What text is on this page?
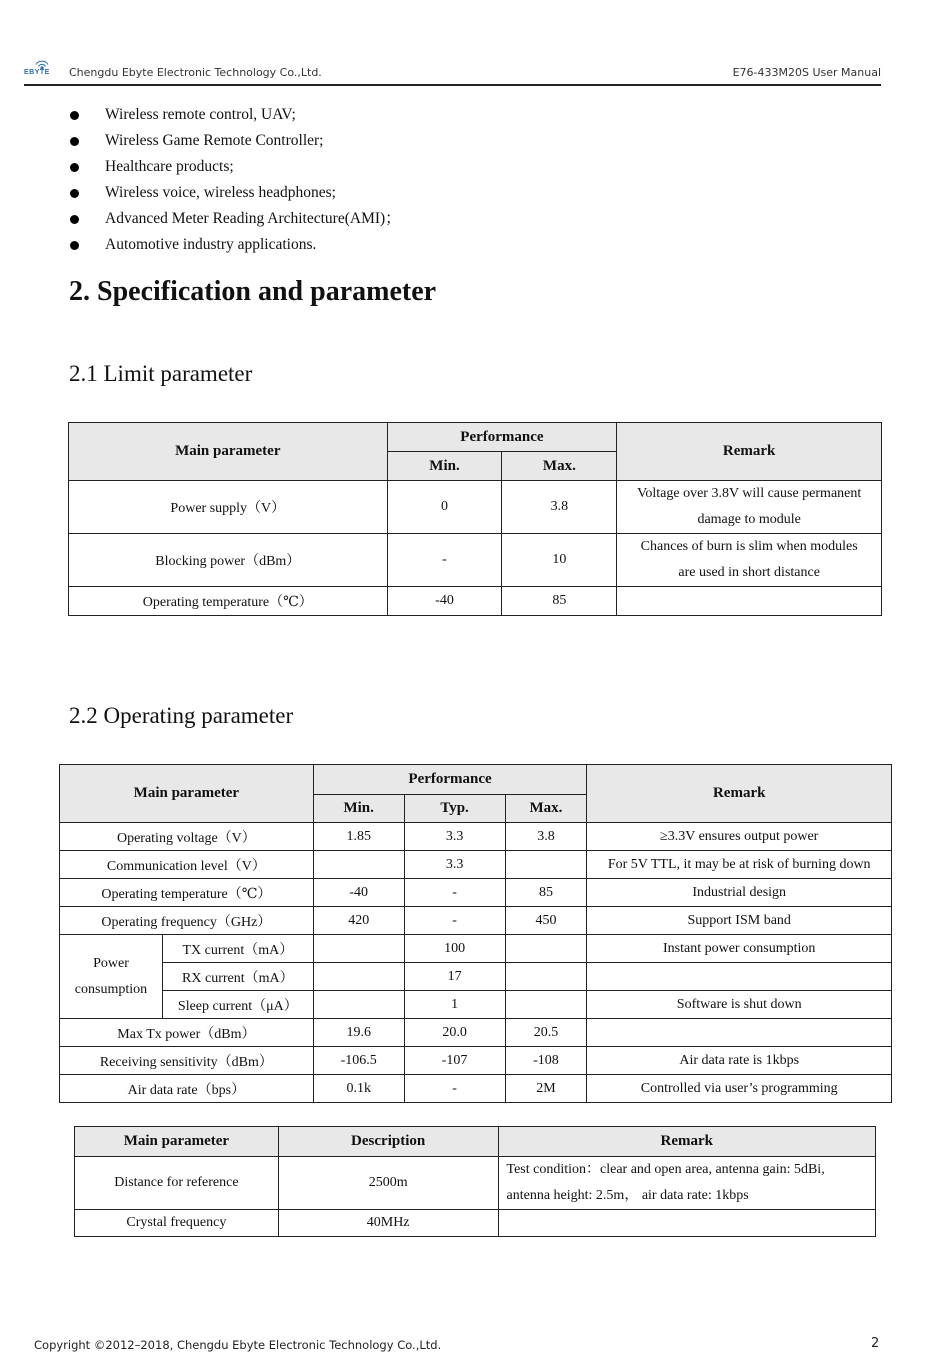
EBYTE Chengdu Ebyte Electronic Technology Co.,Ltd.	E76-433M20S User Manual
Wireless remote control, UAV;
Wireless Game Remote Controller;
Healthcare products;
Wireless voice, wireless headphones;
Advanced Meter Reading Architecture(AMI)；
Automotive industry applications.
2. Specification and parameter
2.1 Limit parameter
Main parameter	Performance		Remark
	Min.	Max.	
Power supply（V）	0	3.8	Voltage over 3.8V will cause permanent
damage to module

Blocking power（dBm）	-	10	Chances of burn is slim when modules
are used in short distance

Operating temperature（℃）	-40	85	
2.2 Operating parameter
Main parameter		Performance			Remark
		Min.	Typ.	Max.	
Operating voltage（V）		1.85	3.3	3.8	≥3.3V ensures output power
Communication level（V）			3.3		For 5V TTL, it may be at risk of burning down
Operating temperature（℃）		-40	-	85	Industrial design
Operating frequency（GHz）		420	-	450	Support ISM band

Power
consumption	TX current（mA）		100		Instant power consumption
	RX current（mA）		17		
	Sleep current（μA）		1		Software is shut down
Max Tx power（dBm）		19.6	20.0	20.5	
Receiving sensitivity（dBm）		-106.5	-107	-108	Air data rate is 1kbps
Air data rate（bps）		0.1k	-	2M	Controlled via user’s programming
Main parameter	Description	Remark
Distance for reference	2500m	Test condition：clear and open area, antenna gain: 5dBi,
antenna height: 2.5m， air data rate: 1kbps

Crystal frequency	40MHz	
Copyright ©2012–2018, Chengdu Ebyte Electronic Technology Co.,Ltd.	2
